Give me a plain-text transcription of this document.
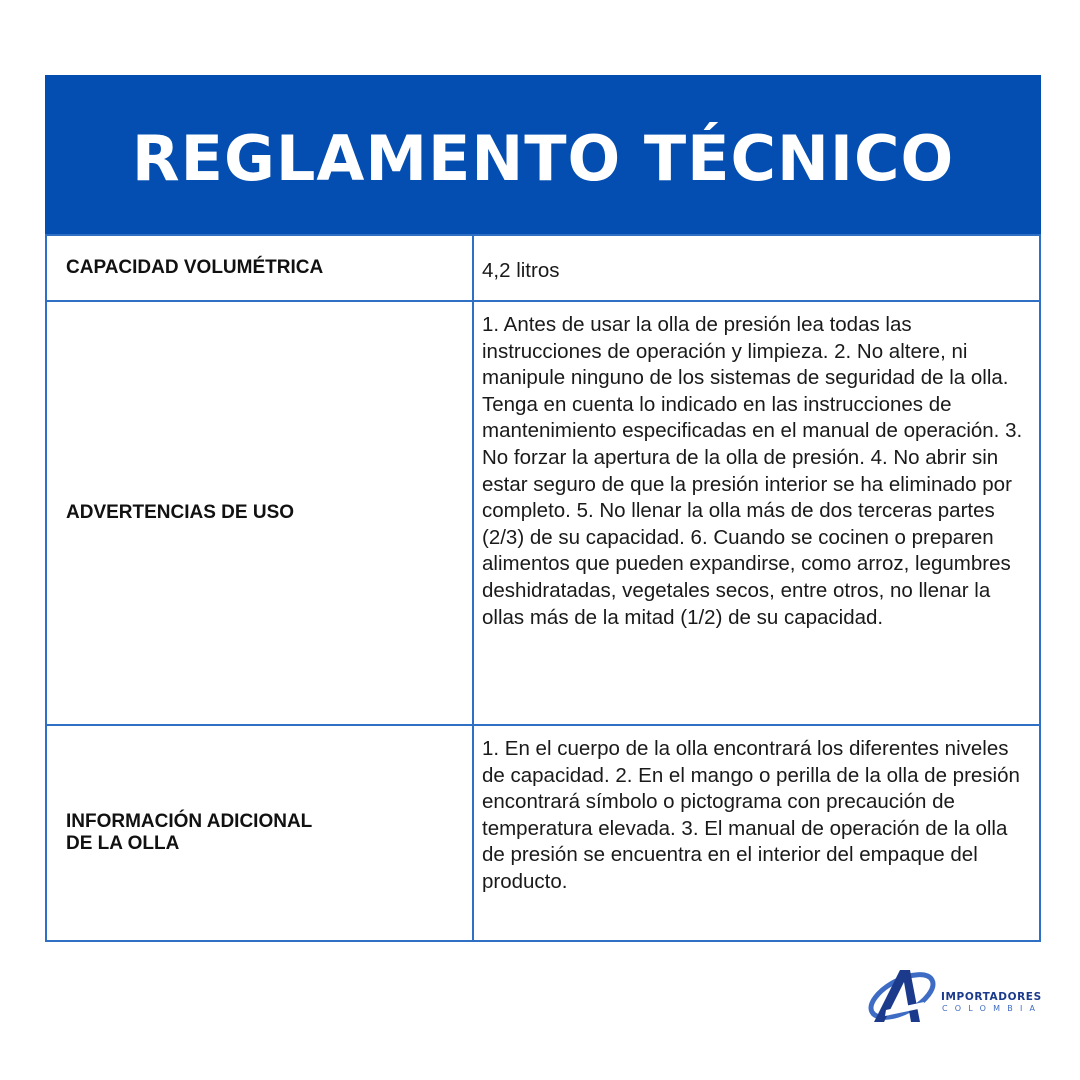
REGLAMENTO TÉCNICO
CAPACIDAD VOLUMÉTRICA	4,2 litros
ADVERTENCIAS DE USO	1. Antes de usar la olla de presión lea todas las instrucciones de operación y limpieza. 2. No altere, ni manipule ninguno de los sistemas de seguridad de la olla. Tenga en cuenta lo indicado en las instrucciones de mantenimiento especificadas en el manual de operación. 3. No forzar la apertura de la olla de presión. 4. No abrir sin estar seguro de que la presión interior se ha eliminado por completo. 5. No llenar la olla más de dos terceras partes (2/3) de su capacidad. 6. Cuando se cocinen o preparen alimentos que pueden expandirse, como arroz, legumbres deshidratadas, vegetales secos, entre otros, no llenar la ollas más de la mitad (1/2) de su capacidad.

INFORMACIÓN ADICIONAL
DE LA OLLA	1. En el cuerpo de la olla encontrará los diferentes niveles de capacidad. 2. En el mango o perilla de la olla de presión encontrará símbolo o pictograma con precaución de temperatura elevada. 3. El manual de operación de la olla de presión se encuentra en el interior del empaque del producto.
IMPORTADORES
COLOMBIA
